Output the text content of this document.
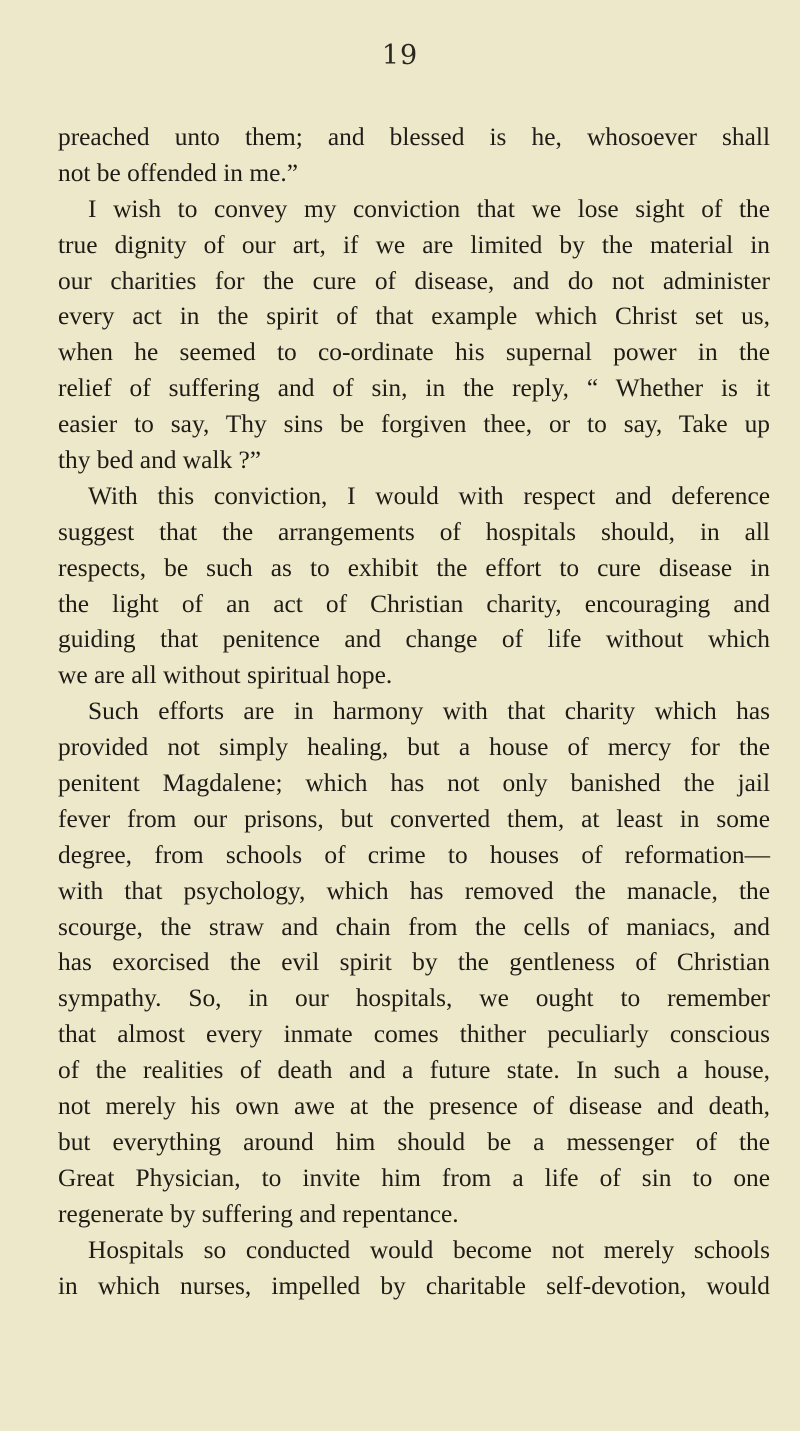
19
preached unto them; and blessed is he, whosoever shall
not be offended in me.”
I wish to convey my conviction that we lose sight of the
true dignity of our art, if we are limited by the material in
our charities for the cure of disease, and do not administer
every act in the spirit of that example which Christ set us,
when he seemed to co-ordinate his supernal power in the
relief of suffering and of sin, in the reply, “ Whether is it
easier to say, Thy sins be forgiven thee, or to say, Take up
thy bed and walk ?”
With this conviction, I would with respect and deference
suggest that the arrangements of hospitals should, in all
respects, be such as to exhibit the effort to cure disease in
the light of an act of Christian charity, encouraging and
guiding that penitence and change of life without which
we are all without spiritual hope.
Such efforts are in harmony with that charity which has
provided not simply healing, but a house of mercy for the
penitent Magdalene; which has not only banished the jail
fever from our prisons, but converted them, at least in some
degree, from schools of crime to houses of reformation—
with that psychology, which has removed the manacle, the
scourge, the straw and chain from the cells of maniacs, and
has exorcised the evil spirit by the gentleness of Christian
sympathy. So, in our hospitals, we ought to remember
that almost every inmate comes thither peculiarly conscious
of the realities of death and a future state. In such a house,
not merely his own awe at the presence of disease and death,
but everything around him should be a messenger of the
Great Physician, to invite him from a life of sin to one
regenerate by suffering and repentance.
Hospitals so conducted would become not merely schools
in which nurses, impelled by charitable self-devotion, would
